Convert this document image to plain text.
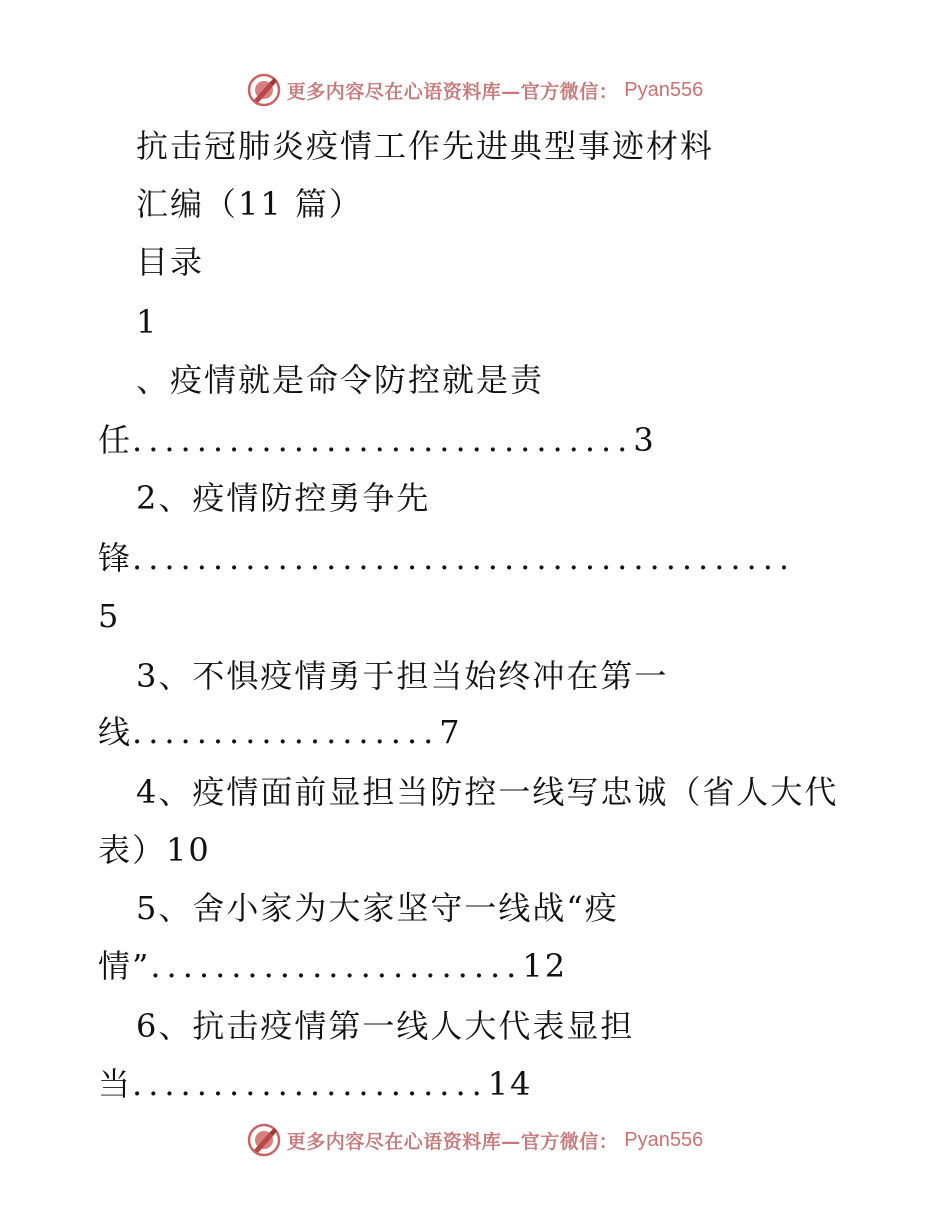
更多内容尽在心语资料库—官方微信： Pyan556
抗击冠肺炎疫情工作先进典型事迹材料
汇编（11 篇）
目录
1
、疫情就是命令防控就是责
任...............................3
2、疫情防控勇争先
锋.........................................
5
3、不惧疫情勇于担当始终冲在第一
线...................7
4、疫情面前显担当防控一线写忠诚（省人大代
表）10
5、舍小家为大家坚守一线战“疫
情”.......................12
6、抗击疫情第一线人大代表显担
当......................14
更多内容尽在心语资料库—官方微信： Pyan556
